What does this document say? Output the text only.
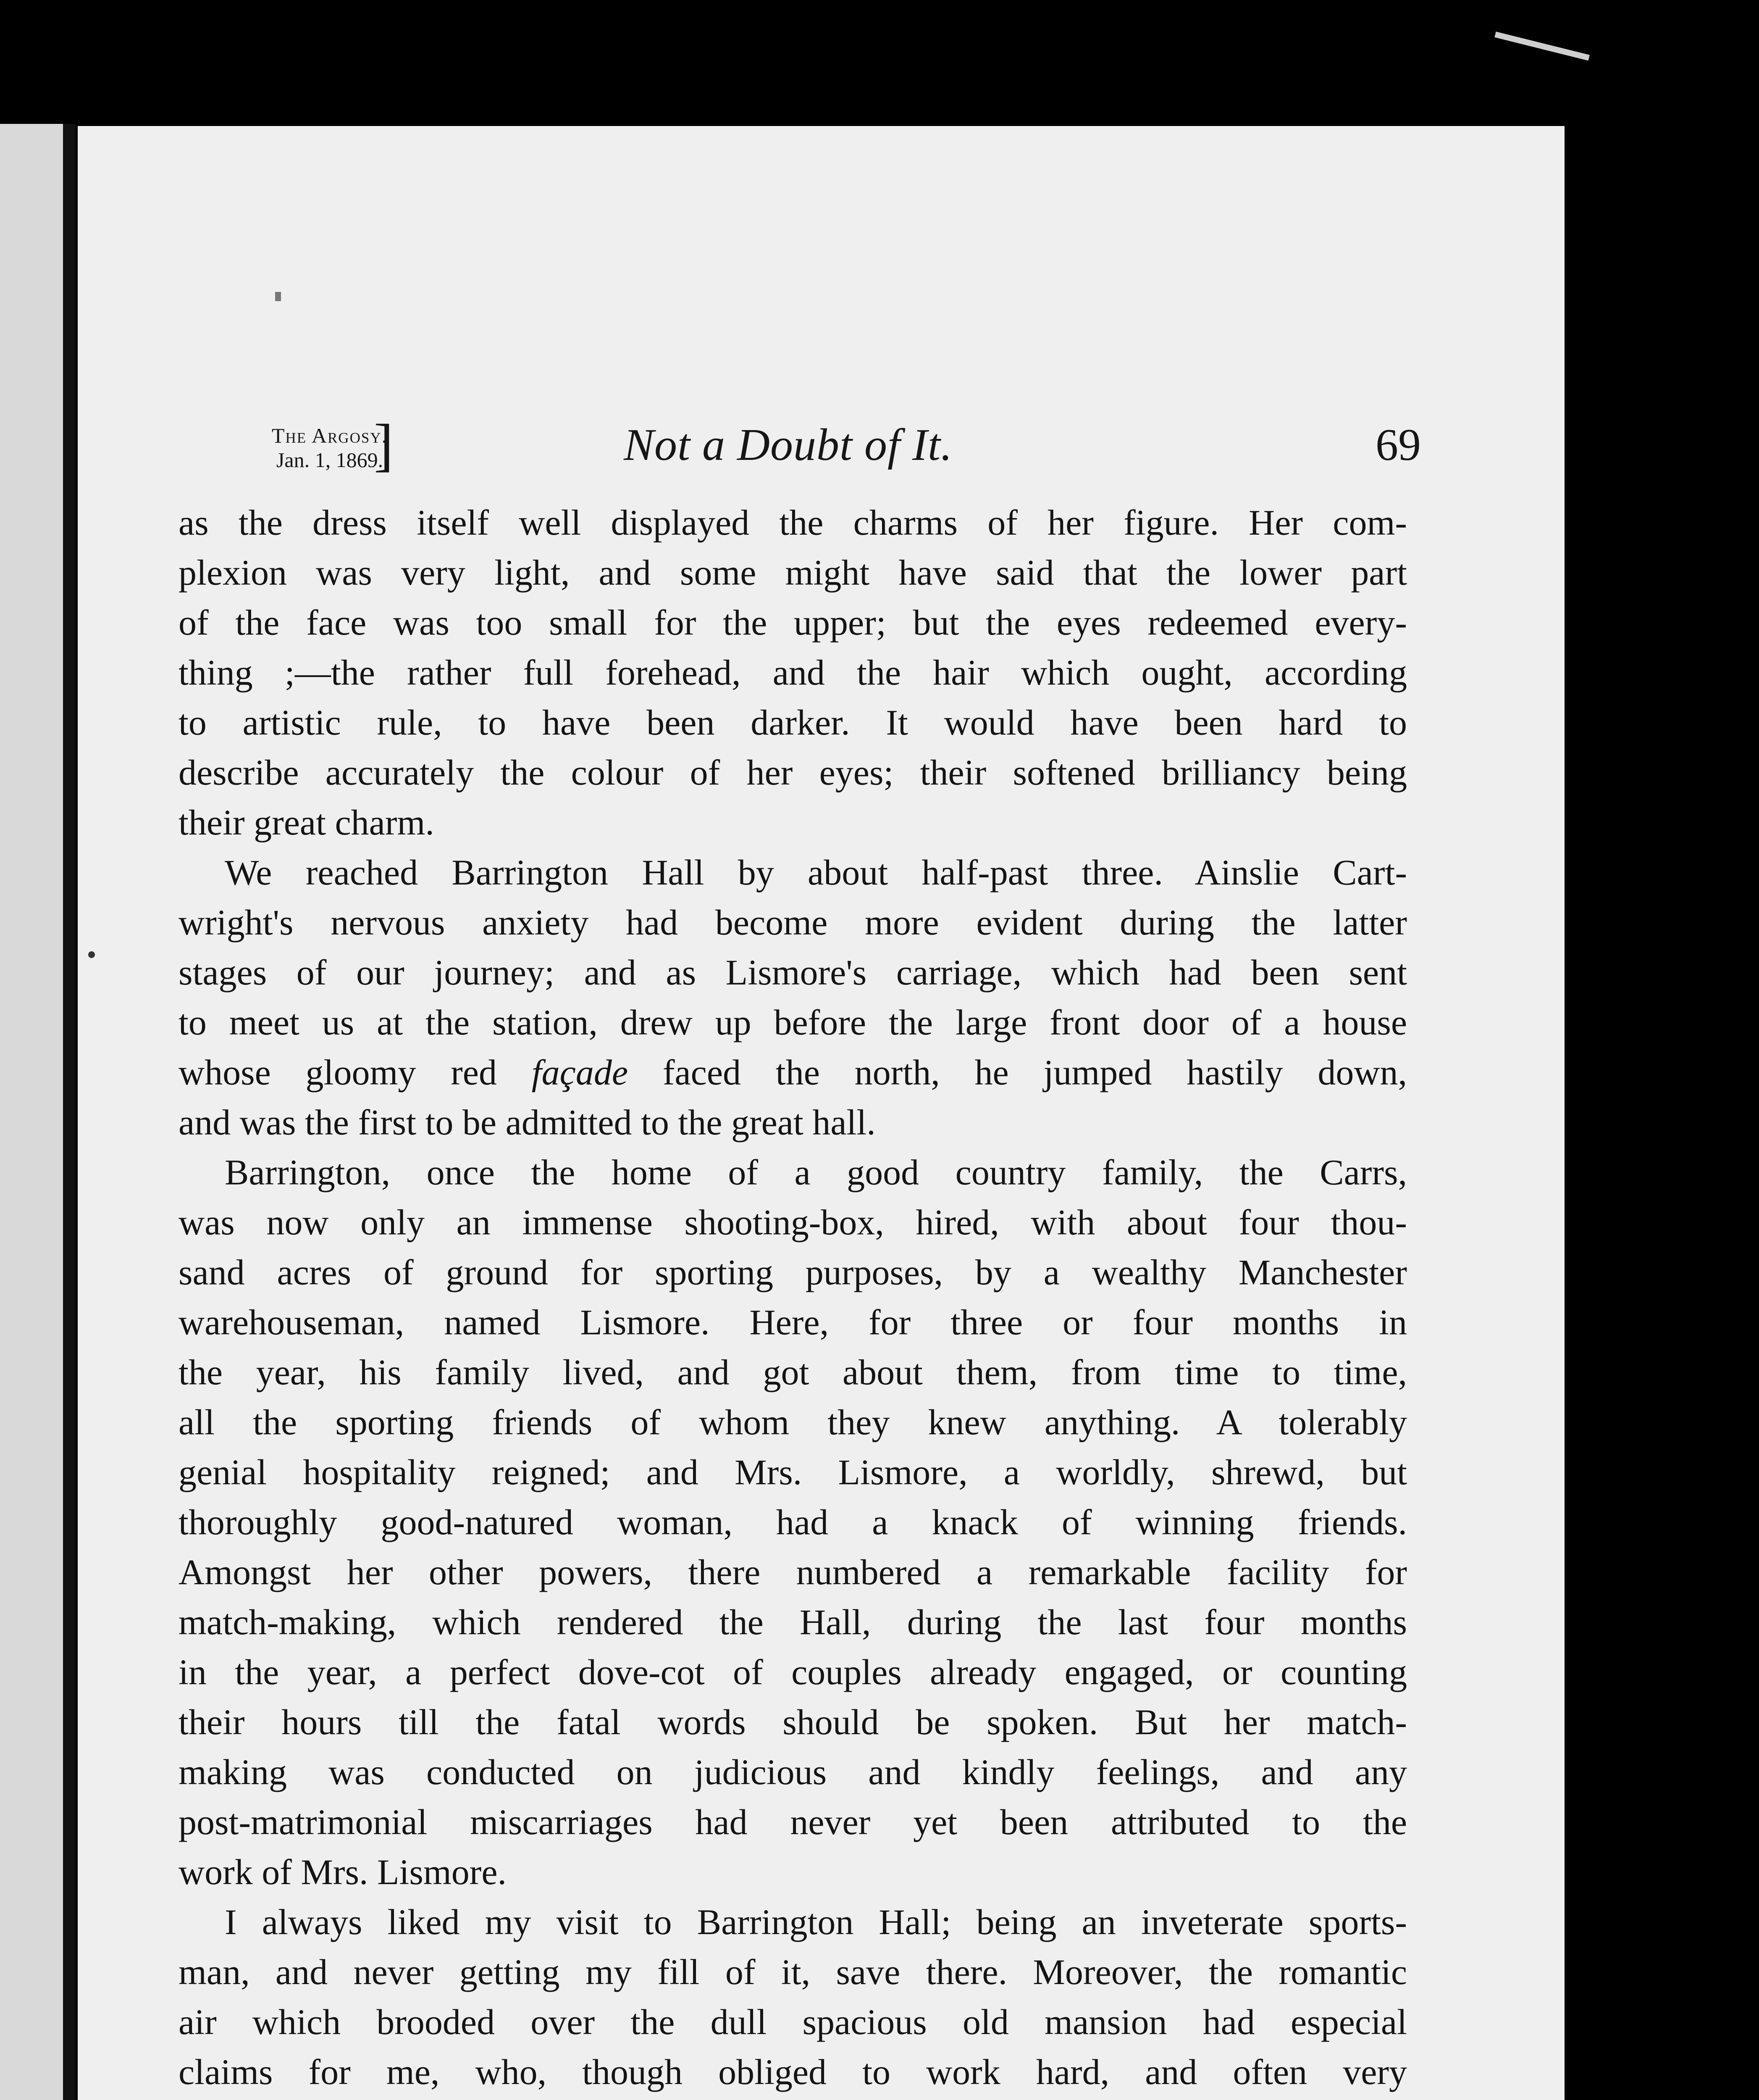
The Argosy.
Jan. 1, 1869.
]	Not a Doubt of It.	69
as the dress itself well displayed the charms of her figure. Her com-
plexion was very light, and some might have said that the lower part
of the face was too small for the upper; but the eyes redeemed every-
thing ;—the rather full forehead, and the hair which ought, according
to artistic rule, to have been darker. It would have been hard to
describe accurately the colour of her eyes; their softened brilliancy being
their great charm.
We reached Barrington Hall by about half-past three. Ainslie Cart-
wright's nervous anxiety had become more evident during the latter
stages of our journey; and as Lismore's carriage, which had been sent
to meet us at the station, drew up before the large front door of a house
whose gloomy red façade faced the north, he jumped hastily down,
and was the first to be admitted to the great hall.
Barrington, once the home of a good country family, the Carrs,
was now only an immense shooting-box, hired, with about four thou-
sand acres of ground for sporting purposes, by a wealthy Manchester
warehouseman, named Lismore. Here, for three or four months in
the year, his family lived, and got about them, from time to time,
all the sporting friends of whom they knew anything. A tolerably
genial hospitality reigned; and Mrs. Lismore, a worldly, shrewd, but
thoroughly good-natured woman, had a knack of winning friends.
Amongst her other powers, there numbered a remarkable facility for
match-making, which rendered the Hall, during the last four months
in the year, a perfect dove-cot of couples already engaged, or counting
their hours till the fatal words should be spoken. But her match-
making was conducted on judicious and kindly feelings, and any
post-matrimonial miscarriages had never yet been attributed to the
work of Mrs. Lismore.
I always liked my visit to Barrington Hall; being an inveterate sports-
man, and never getting my fill of it, save there. Moreover, the romantic
air which brooded over the dull spacious old mansion had especial
claims for me, who, though obliged to work hard, and often very
